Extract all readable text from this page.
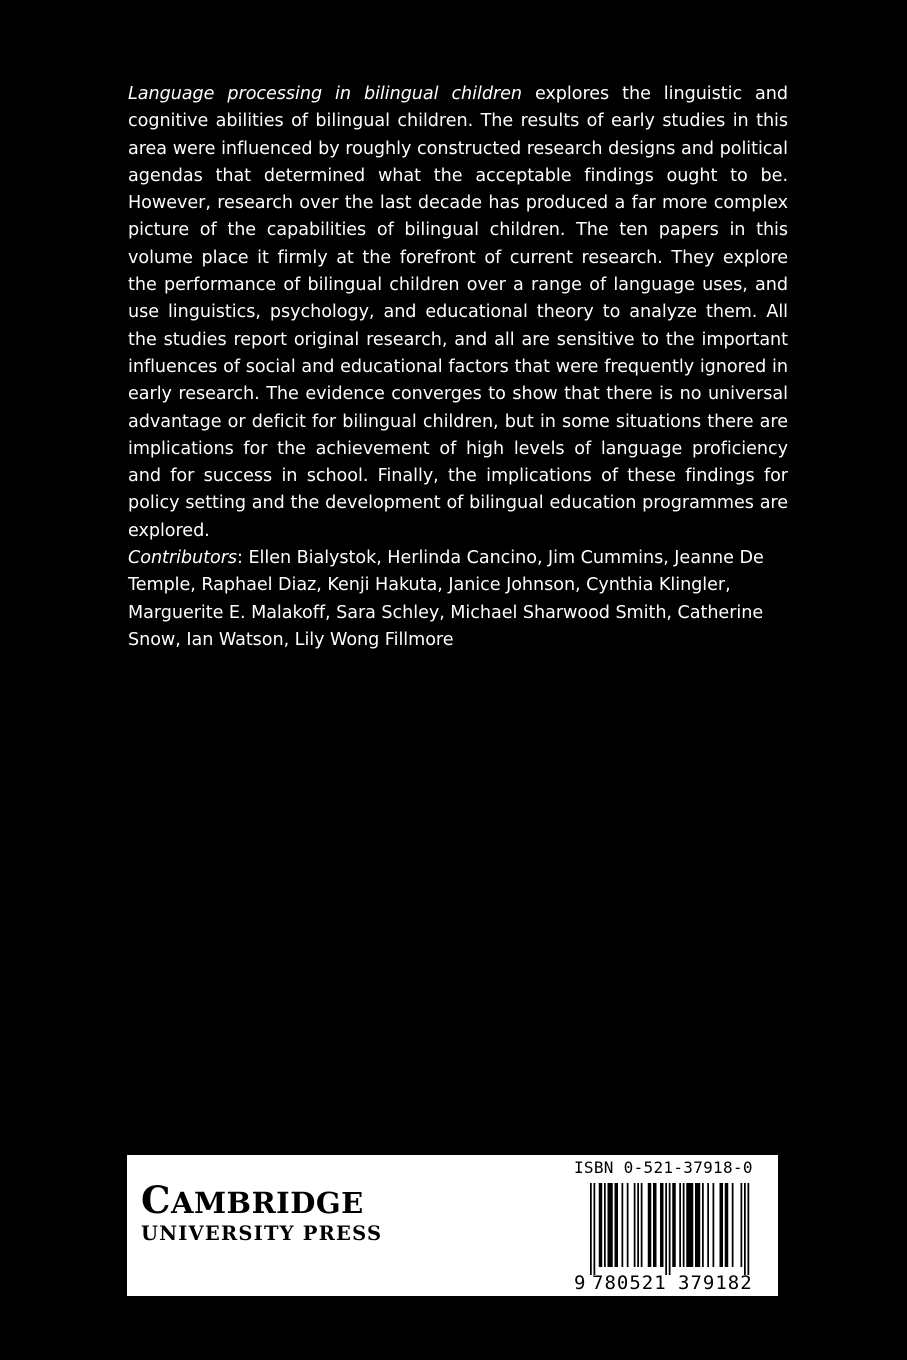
Language processing in bilingual children explores the linguistic and cognitive abilities of bilingual children. The results of early studies in this area were influenced by roughly constructed research designs and political agendas that determined what the acceptable findings ought to be. However, research over the last decade has produced a far more complex picture of the capabilities of bilingual children. The ten papers in this volume place it firmly at the forefront of current research. They explore the performance of bilingual children over a range of language uses, and use linguistics, psychology, and educational theory to analyze them. All the studies report original research, and all are sensitive to the important influences of social and educational factors that were frequently ignored in early research. The evidence converges to show that there is no universal advantage or deficit for bilingual children, but in some situations there are implications for the achievement of high levels of language proficiency and for success in school. Finally, the implications of these findings for policy setting and the development of bilingual education programmes are explored.

Contributors: Ellen Bialystok, Herlinda Cancino, Jim Cummins, Jeanne De Temple, Raphael Diaz, Kenji Hakuta, Janice Johnson, Cynthia Klingler, Marguerite E. Malakoff, Sara Schley, Michael Sharwood Smith, Catherine Snow, Ian Watson, Lily Wong Fillmore

CAMBRIDGE
UNIVERSITY PRESS
ISBN 0-521-37918-0
9 780521 379182
